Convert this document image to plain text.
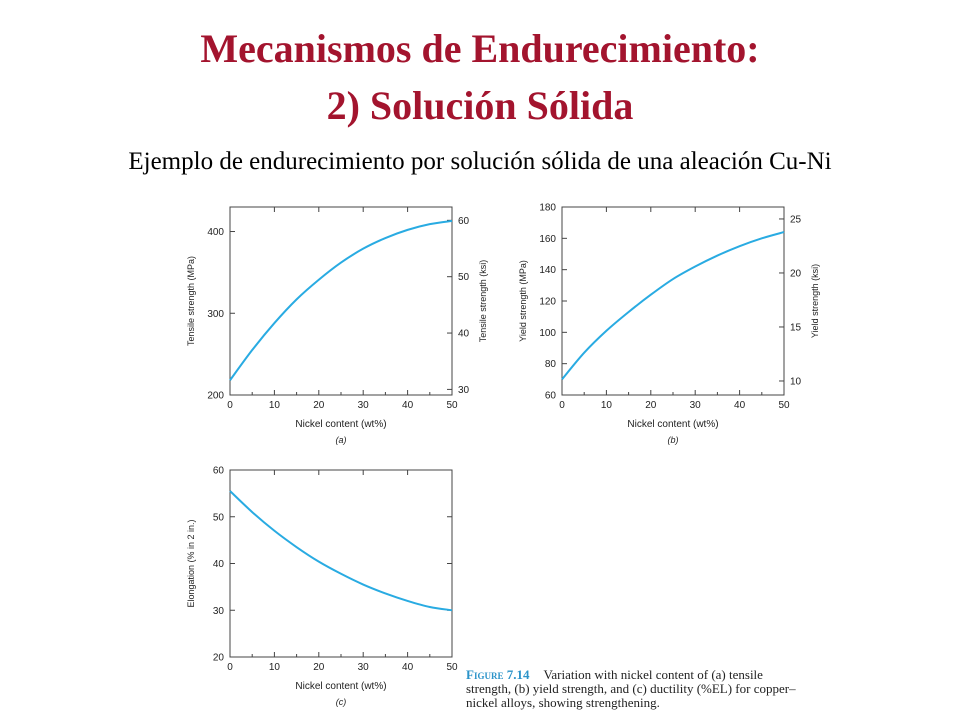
Mecanismos de Endurecimiento:
2) Solución Sólida
Ejemplo de endurecimiento por solución sólida de una aleación Cu-Ni
0	10	20	30	40	50
200
300
400
30
40
50
60
Tensile strength (ksi)
Tensile strength (MPa)
Nickel content (wt%)
(a)
0	10	20	30	40	50
60
80
100
120
140
160
180
10
15
20
25
Yield strength (ksi)
Yield strength (MPa)
Nickel content (wt%)
(b)
0	10	20	30	40	50
20
30
40
50
60
Elongation (% in 2 in.)
Nickel content (wt%)
(c)
Figure 7.14 Variation with nickel content of (a) tensile strength, (b) yield strength, and (c) ductility (%EL) for copper–nickel alloys, showing strengthening.
